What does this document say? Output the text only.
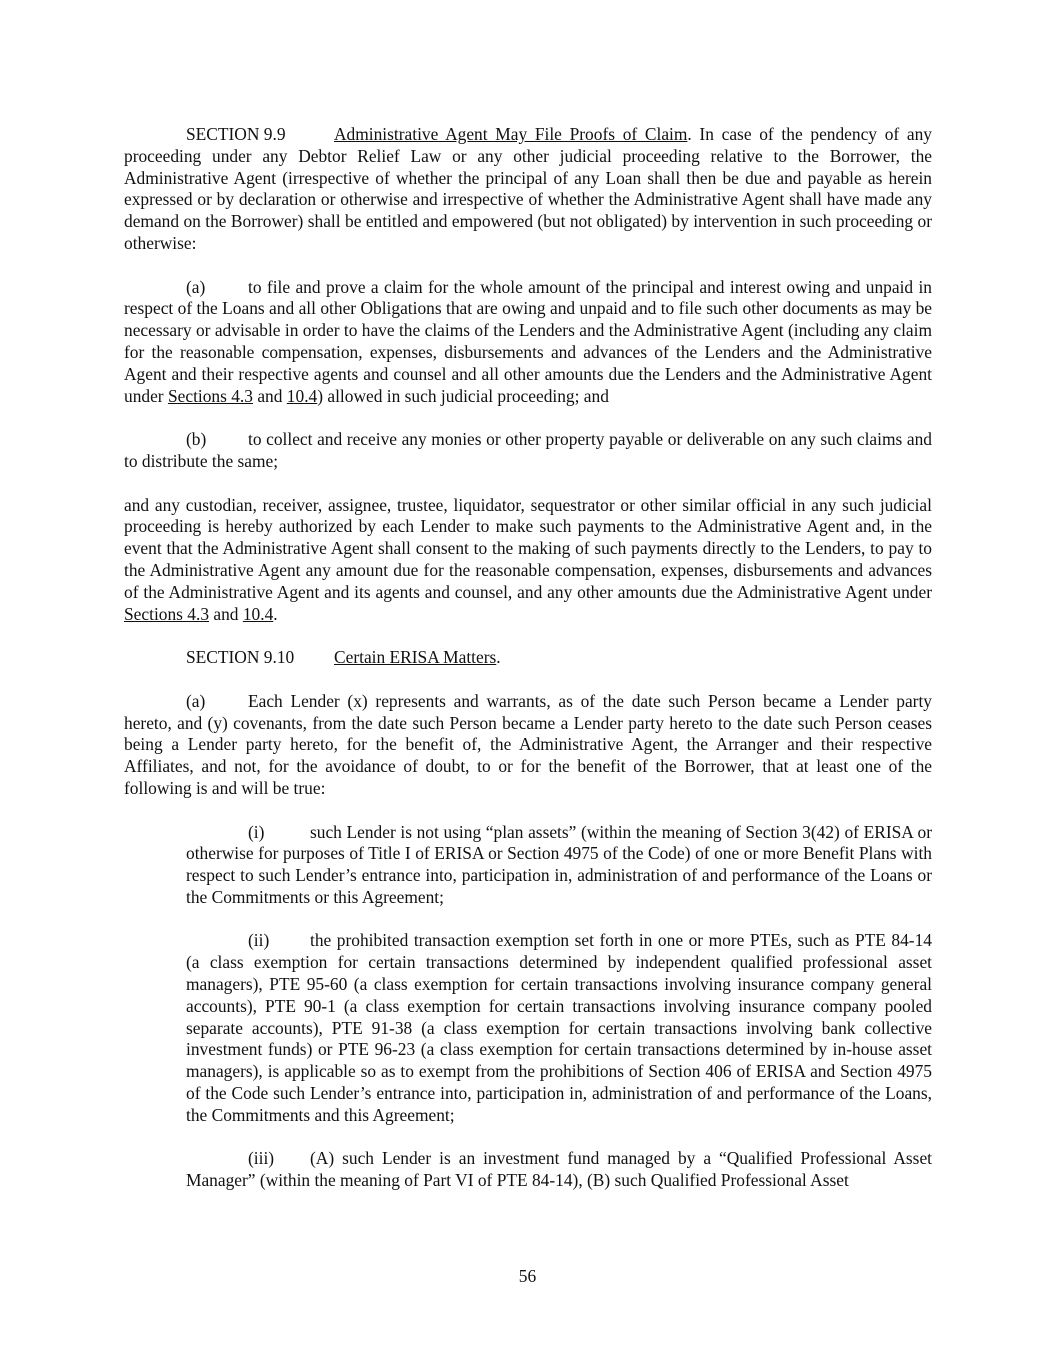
SECTION 9.9	Administrative Agent May File Proofs of Claim. In case of the pendency of any proceeding under any Debtor Relief Law or any other judicial proceeding relative to the Borrower, the Administrative Agent (irrespective of whether the principal of any Loan shall then be due and payable as herein expressed or by declaration or otherwise and irrespective of whether the Administrative Agent shall have made any demand on the Borrower) shall be entitled and empowered (but not obligated) by intervention in such proceeding or otherwise:

(a) to file and prove a claim for the whole amount of the principal and interest owing and unpaid in respect of the Loans and all other Obligations that are owing and unpaid and to file such other documents as may be necessary or advisable in order to have the claims of the Lenders and the Administrative Agent (including any claim for the reasonable compensation, expenses, disbursements and advances of the Lenders and the Administrative Agent and their respective agents and counsel and all other amounts due the Lenders and the Administrative Agent under Sections 4.3 and 10.4) allowed in such judicial proceeding; and

(b) to collect and receive any monies or other property payable or deliverable on any such claims and to distribute the same;

and any custodian, receiver, assignee, trustee, liquidator, sequestrator or other similar official in any such judicial proceeding is hereby authorized by each Lender to make such payments to the Administrative Agent and, in the event that the Administrative Agent shall consent to the making of such payments directly to the Lenders, to pay to the Administrative Agent any amount due for the reasonable compensation, expenses, disbursements and advances of the Administrative Agent and its agents and counsel, and any other amounts due the Administrative Agent under Sections 4.3 and 10.4.

SECTION 9.10 Certain ERISA Matters.

(a) Each Lender (x) represents and warrants, as of the date such Person became a Lender party hereto, and (y) covenants, from the date such Person became a Lender party hereto to the date such Person ceases being a Lender party hereto, for the benefit of, the Administrative Agent, the Arranger and their respective Affiliates, and not, for the avoidance of doubt, to or for the benefit of the Borrower, that at least one of the following is and will be true:

(i)	such Lender is not using “plan assets” (within the meaning of Section 3(42) of ERISA or otherwise for purposes of Title I of ERISA or Section 4975 of the Code) of one or more Benefit Plans with respect to such Lender’s entrance into, participation in, administration of and performance of the Loans or the Commitments or this Agreement;

(ii) the prohibited transaction exemption set forth in one or more PTEs, such as PTE 84-14 (a class exemption for certain transactions determined by independent qualified professional asset managers), PTE 95-60 (a class exemption for certain transactions involving insurance company general accounts), PTE 90-1 (a class exemption for certain transactions involving insurance company pooled separate accounts), PTE 91-38 (a class exemption for certain transactions involving bank collective investment funds) or PTE 96-23 (a class exemption for certain transactions determined by in-house asset managers), is applicable so as to exempt from the prohibitions of Section 406 of ERISA and Section 4975 of the Code such Lender’s entrance into, participation in, administration of and performance of the Loans, the Commitments and this Agreement;

(iii) (A) such Lender is an investment fund managed by a “Qualified Professional Asset Manager” (within the meaning of Part VI of PTE 84-14), (B) such Qualified Professional Asset

56
